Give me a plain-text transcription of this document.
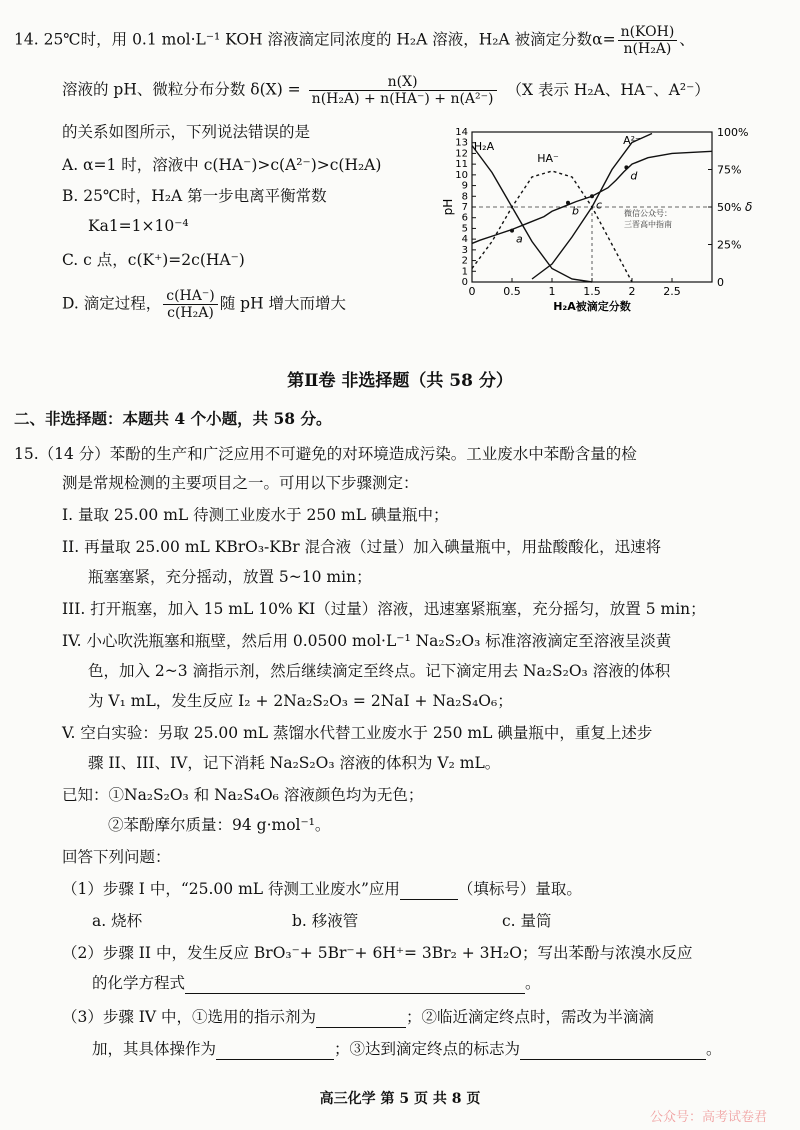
14. 25℃时，用 0.1 mol·L⁻¹ KOH 溶液滴定同浓度的 H₂A 溶液，H₂A 被滴定分数$\alpha= \frac{\text{n(KOH)}}{\text{n(H₂A)}}$ 、
溶液的 pH、微粒分布分数 $\delta(X) = \frac{n(X)}{\text{n(H₂A) + n(HA⁻) + n(A²⁻)}} (X$ 表示 H₂A、HA⁻、A²⁻）
的关系如图所示，下列说法错误的是
A. α=1 时，溶液中 c(HA⁻)>c(A²⁻)>c(H₂A)
B. 25℃时，H₂A 第一步电离平衡常数
Ka1=1×10⁻⁴
C. c 点，c(K⁺)=2c(HA⁻)
D. 滴定过程， $\frac{c(HA^-)}{\text{c(H₂A)}}$ 随 pH 增大而增大
0
1
2
3
4
5
6
7
8
9
10
11
12
13
14
0
25%
50%
75%
100%
0	0.5	1	1.5	2	2.5
H₂A被滴定分数
pH	δ
H₂A
HA⁻
A²⁻
a
b c
d
微信公众号：
三晋高中指南
第Ⅱ卷 非选择题（共 58 分）
二、非选择题：本题共 4 个小题，共 58 分。
15.（14 分）苯酚的生产和广泛应用不可避免的对环境造成污染。工业废水中苯酚含量的检
测是常规检测的主要项目之一。可用以下步骤测定：
I. 量取 25.00 mL 待测工业废水于 250 mL 碘量瓶中；
II. 再量取 25.00 mL KBrO₃-KBr 混合液（过量）加入碘量瓶中，用盐酸酸化，迅速将
瓶塞塞紧，充分摇动，放置 5~10 min；
III. 打开瓶塞，加入 15 mL 10% KI（过量）溶液，迅速塞紧瓶塞，充分摇匀，放置 5 min；
IV. 小心吹洗瓶塞和瓶壁，然后用 0.0500 mol·L⁻¹ Na₂S₂O₃ 标准溶液滴定至溶液呈淡黄
色，加入 2~3 滴指示剂，然后继续滴定至终点。记下滴定用去 Na₂S₂O₃ 溶液的体积
为 V₁ mL，发生反应 I₂ + 2Na₂S₂O₃ = 2NaI + Na₂S₄O₆；
V. 空白实验：另取 25.00 mL 蒸馏水代替工业废水于 250 mL 碘量瓶中，重复上述步
骤 II、III、IV，记下消耗 Na₂S₂O₃ 溶液的体积为 V₂ mL。
已知：①Na₂S₂O₃ 和 Na₂S₄O₆ 溶液颜色均为无色；
②苯酚摩尔质量：94 g·mol⁻¹。
回答下列问题：
（1）步骤 I 中，“25.00 mL 待测工业废水”应用	（填标号）量取。
a. 烧杯	b. 移液管	c. 量筒
（2）步骤 II 中，发生反应 BrO₃⁻+ 5Br⁻+ 6H⁺= 3Br₂ + 3H₂O；写出苯酚与浓溴水反应
的化学方程式	。
（3）步骤 IV 中，①选用的指示剂为	；②临近滴定终点时，需改为半滴滴
加，其具体操作为	；③达到滴定终点的标志为	。
高三化学 第 5 页 共 8 页
公众号：高考试卷君
